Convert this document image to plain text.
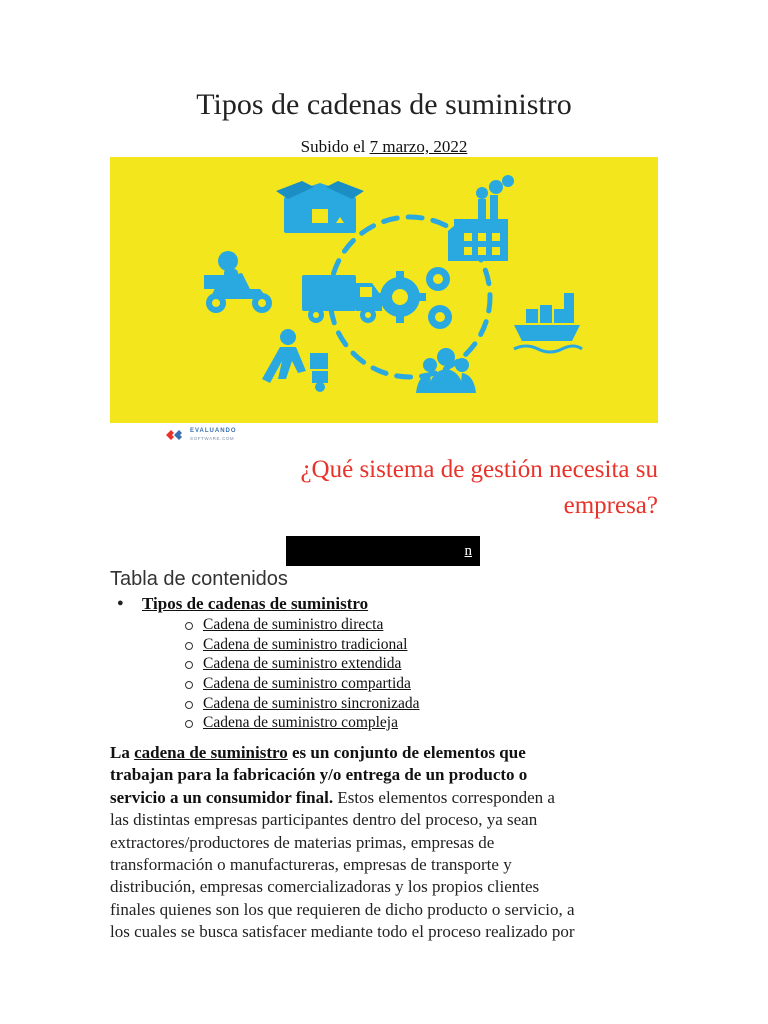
Tipos de cadenas de suministro
Subido el 7 marzo, 2022
EVALUANDO
SOFTWARE.COM
¿Qué sistema de gestión necesita su
empresa?
n
Tabla de contenidos
● Tipos de cadenas de suministro
Cadena de suministro directa
Cadena de suministro tradicional
Cadena de suministro extendida
Cadena de suministro compartida
Cadena de suministro sincronizada
Cadena de suministro compleja
La cadena de suministro es un conjunto de elementos que
trabajan para la fabricación y/o entrega de un producto o
servicio a un consumidor final. Estos elementos corresponden a
las distintas empresas participantes dentro del proceso, ya sean
extractores/productores de materias primas, empresas de
transformación o manufactureras, empresas de transporte y
distribución, empresas comercializadoras y los propios clientes
finales quienes son los que requieren de dicho producto o servicio, a
los cuales se busca satisfacer mediante todo el proceso realizado por
